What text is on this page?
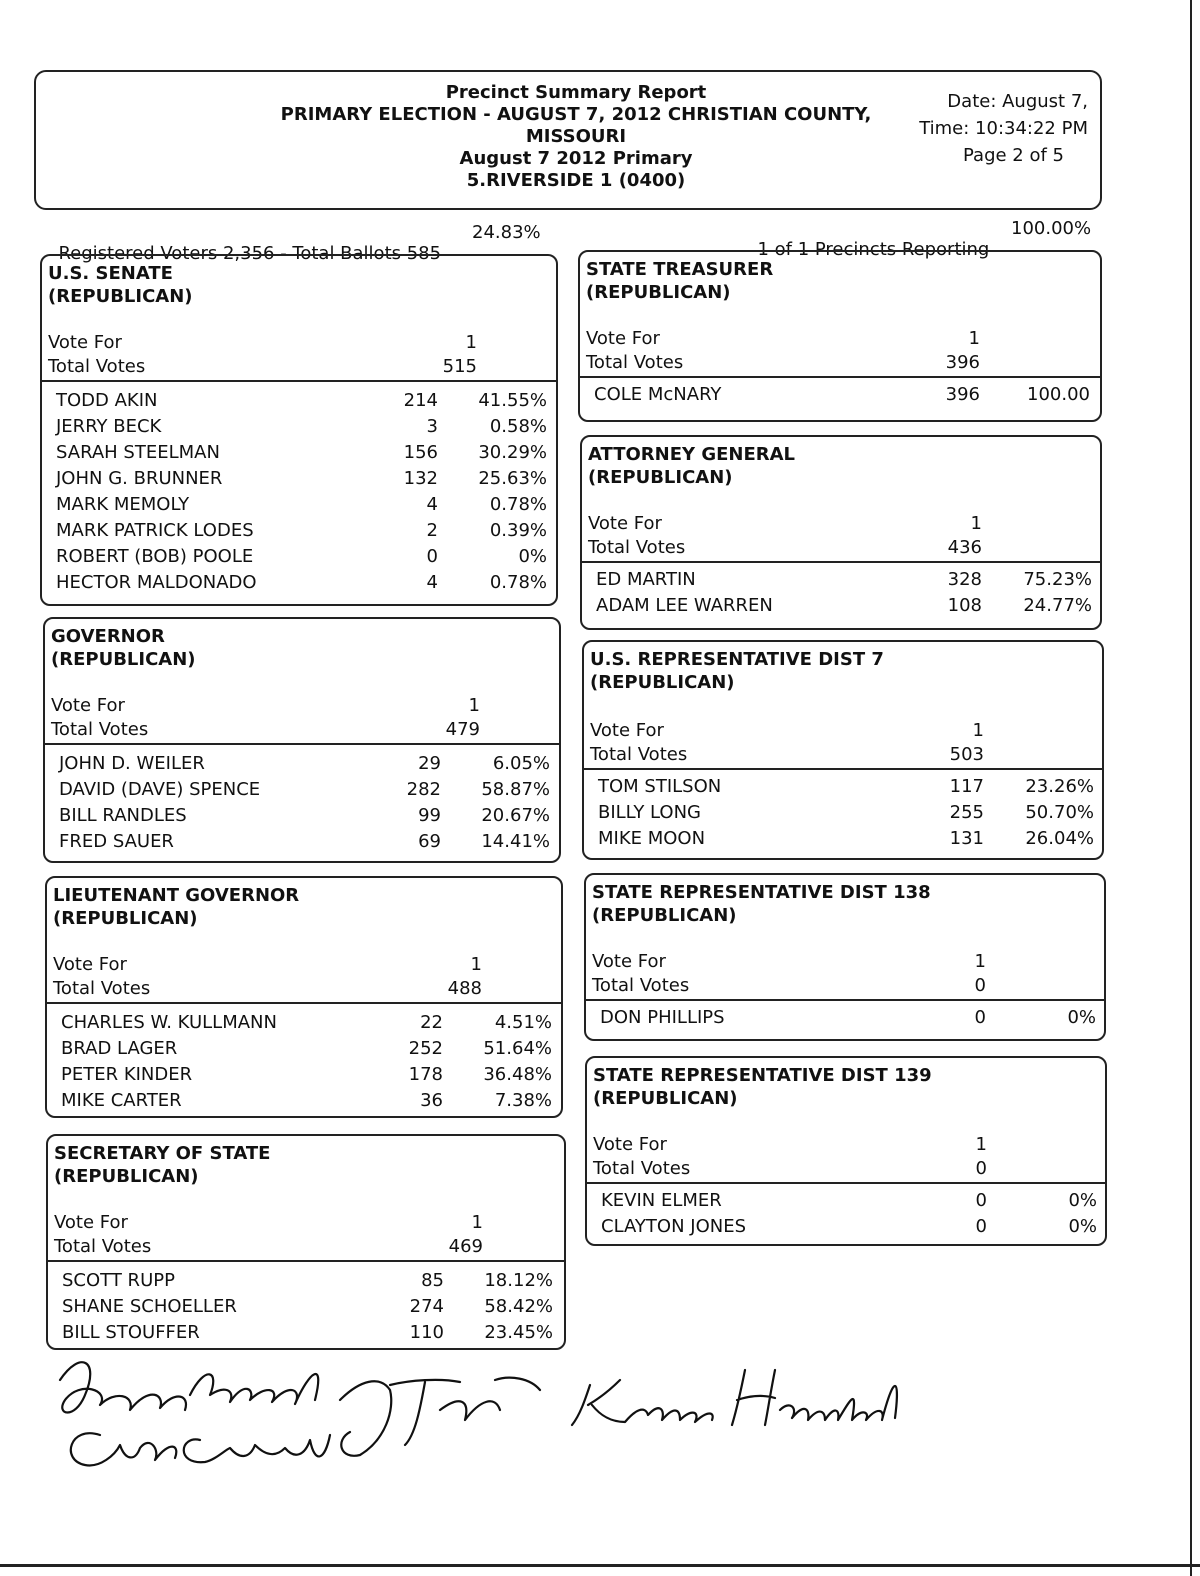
Precinct Summary Report
PRIMARY ELECTION - AUGUST 7, 2012 CHRISTIAN COUNTY,
MISSOURI
August 7 2012 Primary
5.RIVERSIDE 1 (0400)
Date: August 7,
Time: 10:34:22 PM
Page 2 of 5

Registered Voters 2,356 - Total Ballots 585

24.83%

1 of 1 Precincts Reporting

100.00%

U.S. SENATE
(REPUBLICAN)
Vote For	1
Total Votes	515
TODD AKIN	214	41.55%
JERRY BECK	3	0.58%
SARAH STEELMAN	156	30.29%
JOHN G. BRUNNER	132	25.63%
MARK MEMOLY	4	0.78%
MARK PATRICK LODES	2	0.39%
ROBERT (BOB) POOLE	0	0%
HECTOR MALDONADO	4	0.78%
GOVERNOR
(REPUBLICAN)
Vote For	1
Total Votes	479
JOHN D. WEILER	29	6.05%
DAVID (DAVE) SPENCE	282	58.87%
BILL RANDLES	99	20.67%
FRED SAUER	69	14.41%
LIEUTENANT GOVERNOR
(REPUBLICAN)
Vote For	1
Total Votes	488
CHARLES W. KULLMANN	22	4.51%
BRAD LAGER	252	51.64%
PETER KINDER	178	36.48%
MIKE CARTER	36	7.38%
SECRETARY OF STATE
(REPUBLICAN)
Vote For	1
Total Votes	469
SCOTT RUPP	85	18.12%
SHANE SCHOELLER	274	58.42%
BILL STOUFFER	110	23.45%
STATE TREASURER
(REPUBLICAN)
Vote For	1
Total Votes	396
COLE McNARY	396	100.00
ATTORNEY GENERAL
(REPUBLICAN)
Vote For	1
Total Votes	436
ED MARTIN	328	75.23%
ADAM LEE WARREN	108	24.77%
U.S. REPRESENTATIVE DIST 7
(REPUBLICAN)
Vote For	1
Total Votes	503
TOM STILSON	117	23.26%
BILLY LONG	255	50.70%
MIKE MOON	131	26.04%
STATE REPRESENTATIVE DIST 138
(REPUBLICAN)
Vote For	1
Total Votes	0
DON PHILLIPS	0	0%
STATE REPRESENTATIVE DIST 139
(REPUBLICAN)
Vote For	1
Total Votes	0
KEVIN ELMER	0	0%
CLAYTON JONES	0	0%
